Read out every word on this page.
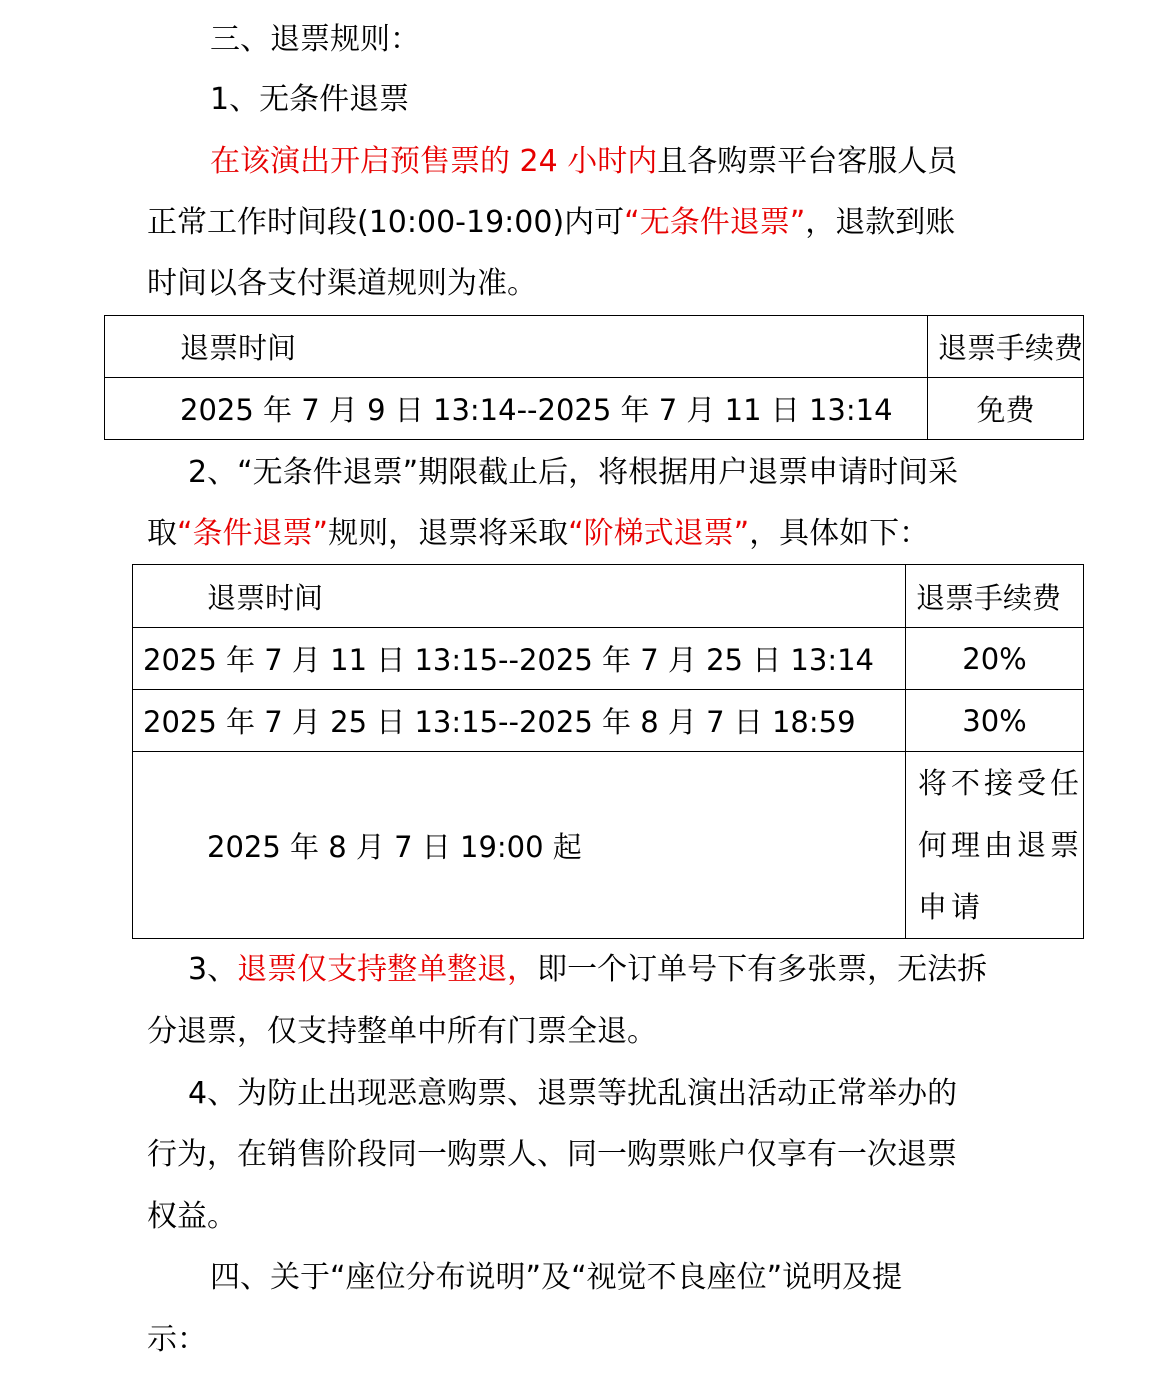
三、退票规则：
1、无条件退票
在该演出开启预售票的 24 小时内且各购票平台客服人员
正常工作时间段(10:00-19:00)内可“无条件退票”，退款到账
时间以各支付渠道规则为准。
退票时间	退票手续费
2025 年 7 月 9 日 13:14--2025 年 7 月 11 日 13:14	免费
2、“无条件退票”期限截止后，将根据用户退票申请时间采
取“条件退票”规则，退票将采取“阶梯式退票”，具体如下：
退票时间	退票手续费
2025 年 7 月 11 日 13:15--2025 年 7 月 25 日 13:14	20%
2025 年 7 月 25 日 13:15--2025 年 8 月 7 日 18:59	30%
2025 年 8 月 7 日 19:00 起	将不接受任
何理由退票
申请
3、退票仅支持整单整退，即一个订单号下有多张票，无法拆
分退票，仅支持整单中所有门票全退。
4、为防止出现恶意购票、退票等扰乱演出活动正常举办的
行为，在销售阶段同一购票人、同一购票账户仅享有一次退票
权益。
四、关于“座位分布说明”及“视觉不良座位”说明及提
示：
